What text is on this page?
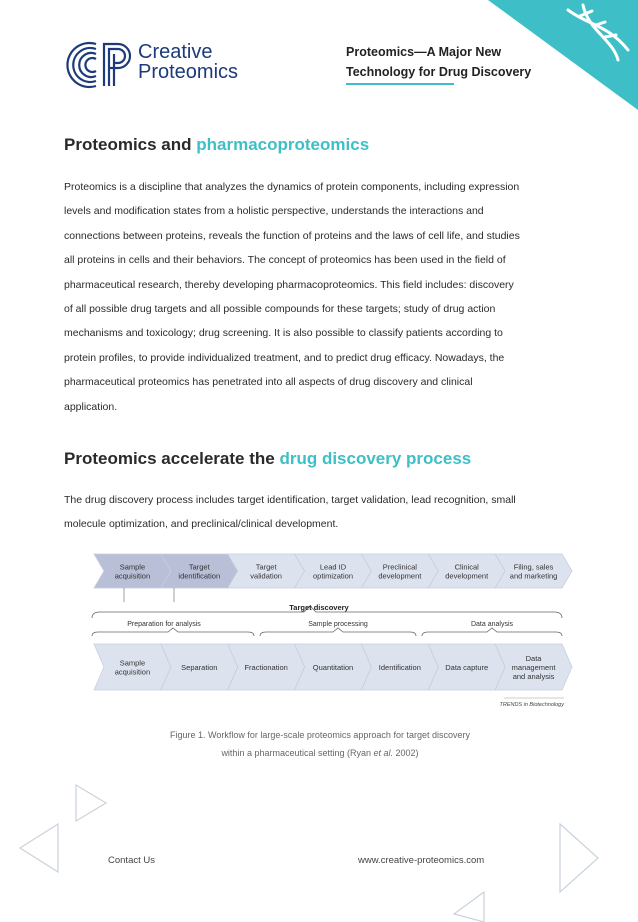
Creative
Proteomics
Proteomics—A Major New
Technology for Drug Discovery
Proteomics and pharmacoproteomics
Proteomics is a discipline that analyzes the dynamics of protein components, including expression
levels and modification states from a holistic perspective, understands the interactions and
connections between proteins, reveals the function of proteins and the laws of cell life, and studies
all proteins in cells and their behaviors. The concept of proteomics has been used in the field of
pharmaceutical research, thereby developing pharmacoproteomics. This field includes: discovery
of all possible drug targets and all possible compounds for these targets; study of drug action
mechanisms and toxicology; drug screening. It is also possible to classify patients according to
protein profiles, to provide individualized treatment, and to predict drug efficacy. Nowadays, the
pharmaceutical proteomics has penetrated into all aspects of drug discovery and clinical
application.
Proteomics accelerate the drug discovery process
The drug discovery process includes target identification, target validation, lead recognition, small
molecule optimization, and preclinical/clinical development.
Sample acquisition
Target identification
Target validation
Lead ID optimization
Preclinical development
Clinical development
Filing, sales and marketing
Target discovery
Preparation for analysis	Sample processing	Data analysis
Sample acquisition	Separation	Fractionation	Quantitation	Identification	Data capture
Data management and analysis
TRENDS in Biotechnology
Figure 1. Workflow for large-scale proteomics approach for target discovery
within a pharmaceutical setting (Ryan et al. 2002)
Contact Us	www.creative-proteomics.com
